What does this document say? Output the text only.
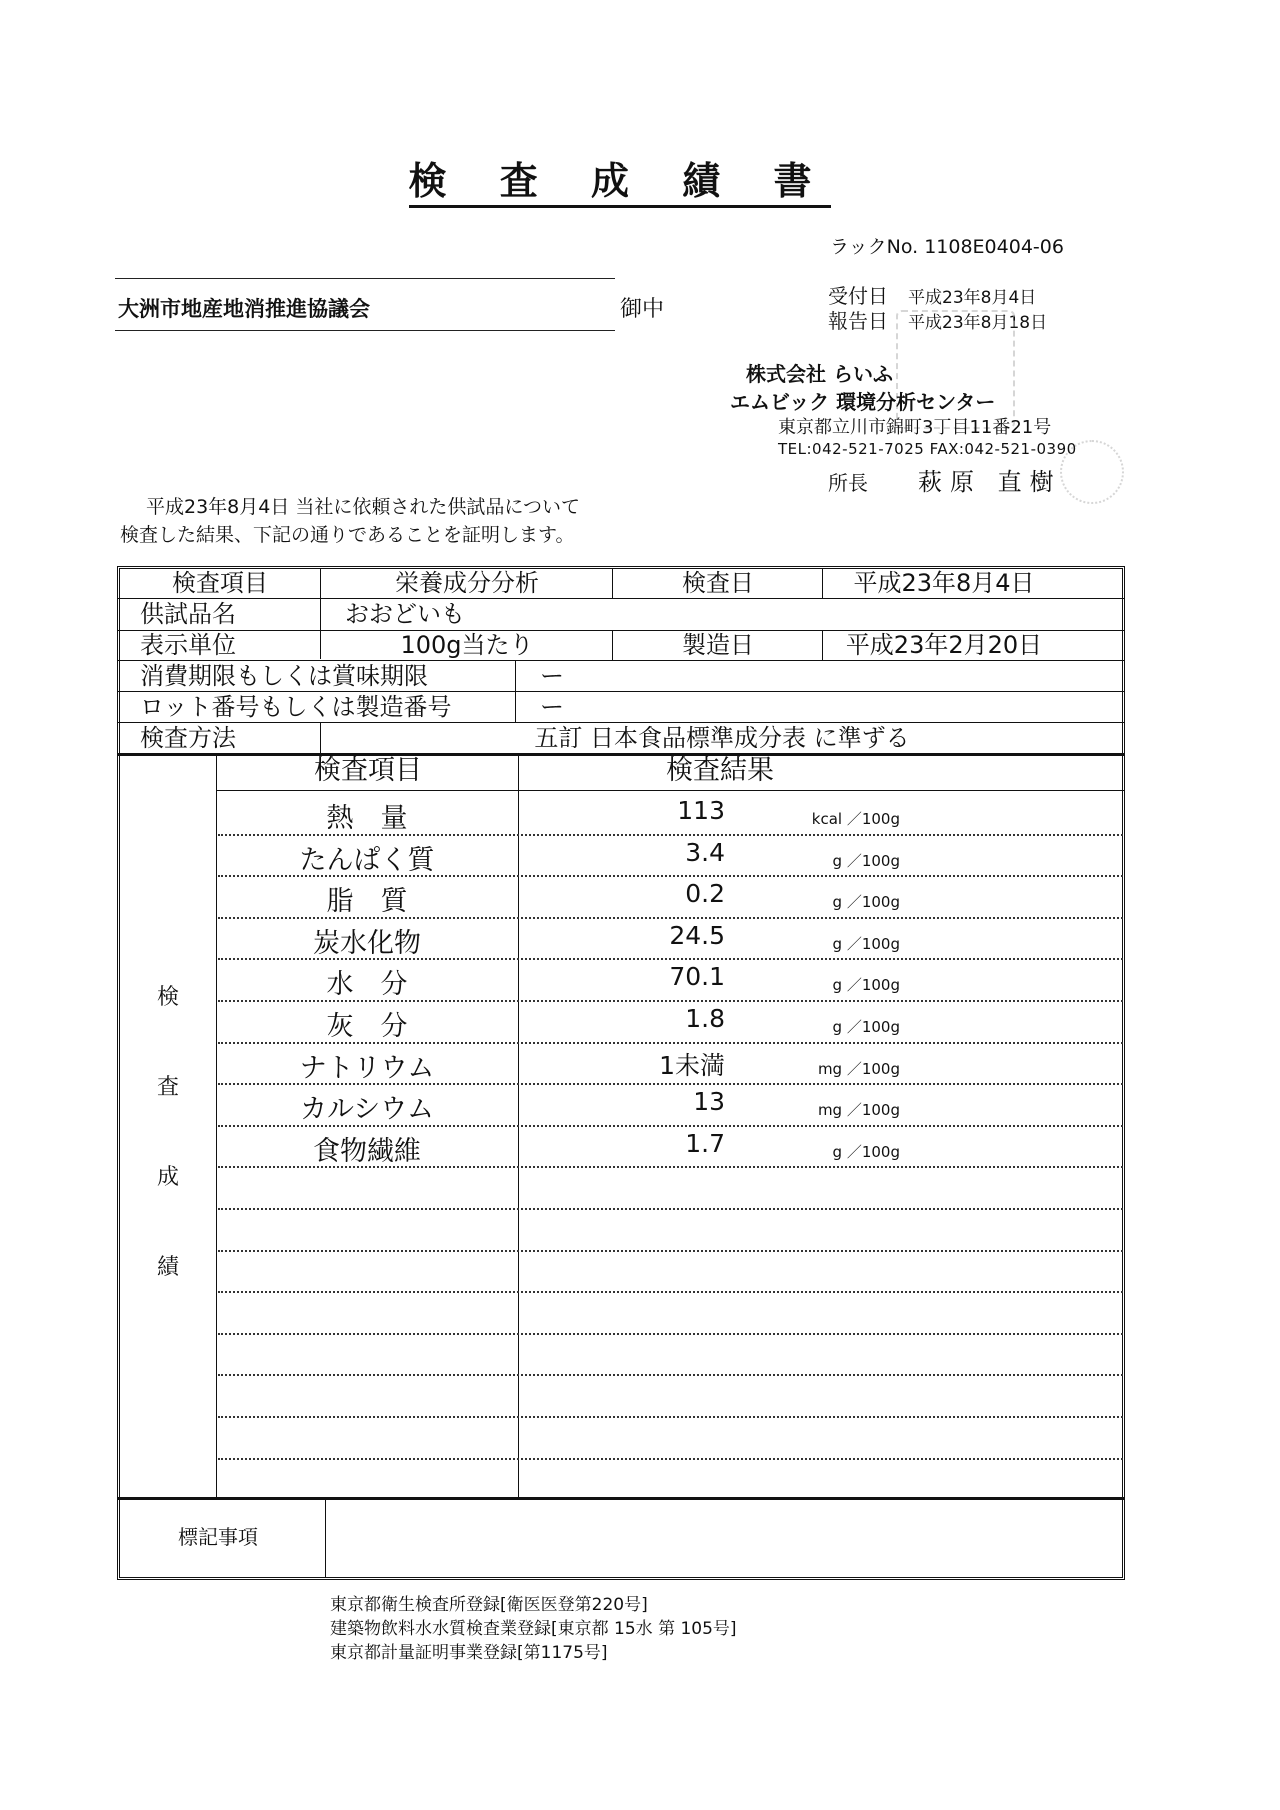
検 査 成 績 書
ラックNo. 1108E0404-06
大洲市地産地消推進協議会	御中
受付日 平成23年8月4日
報告日 平成23年8月18日
株式会社 らいふ
エムビック 環境分析センター
東京都立川市錦町3丁目11番21号
TEL:042-521-7025 FAX:042-521-0390
所長 萩原 直樹
平成23年8月4日 当社に依頼された供試品について
検査した結果、下記の通りであることを証明します。
検査項目	栄養成分分析	検査日	平成23年8月4日
供試品名	おおどいも
表示単位	100g当たり	製造日	平成23年2月20日
消費期限もしくは賞味期限	ー
ロット番号もしくは製造番号	ー
検査方法	五訂 日本食品標準成分表 に準ずる
検査項目	検査結果
検
査
成
績
熱　量	113	kcal ／100g
たんぱく質	3.4	g ／100g
脂　質	0.2	g ／100g
炭水化物	24.5	g ／100g
水　分	70.1	g ／100g
灰　分	1.8	g ／100g
ナトリウム	1未満	mg ／100g
カルシウム	13	mg ／100g
食物繊維	1.7	g ／100g
標記事項
東京都衛生検査所登録[衛医医登第220号]
建築物飲料水水質検査業登録[東京都 15水 第 105号]
東京都計量証明事業登録[第1175号]
